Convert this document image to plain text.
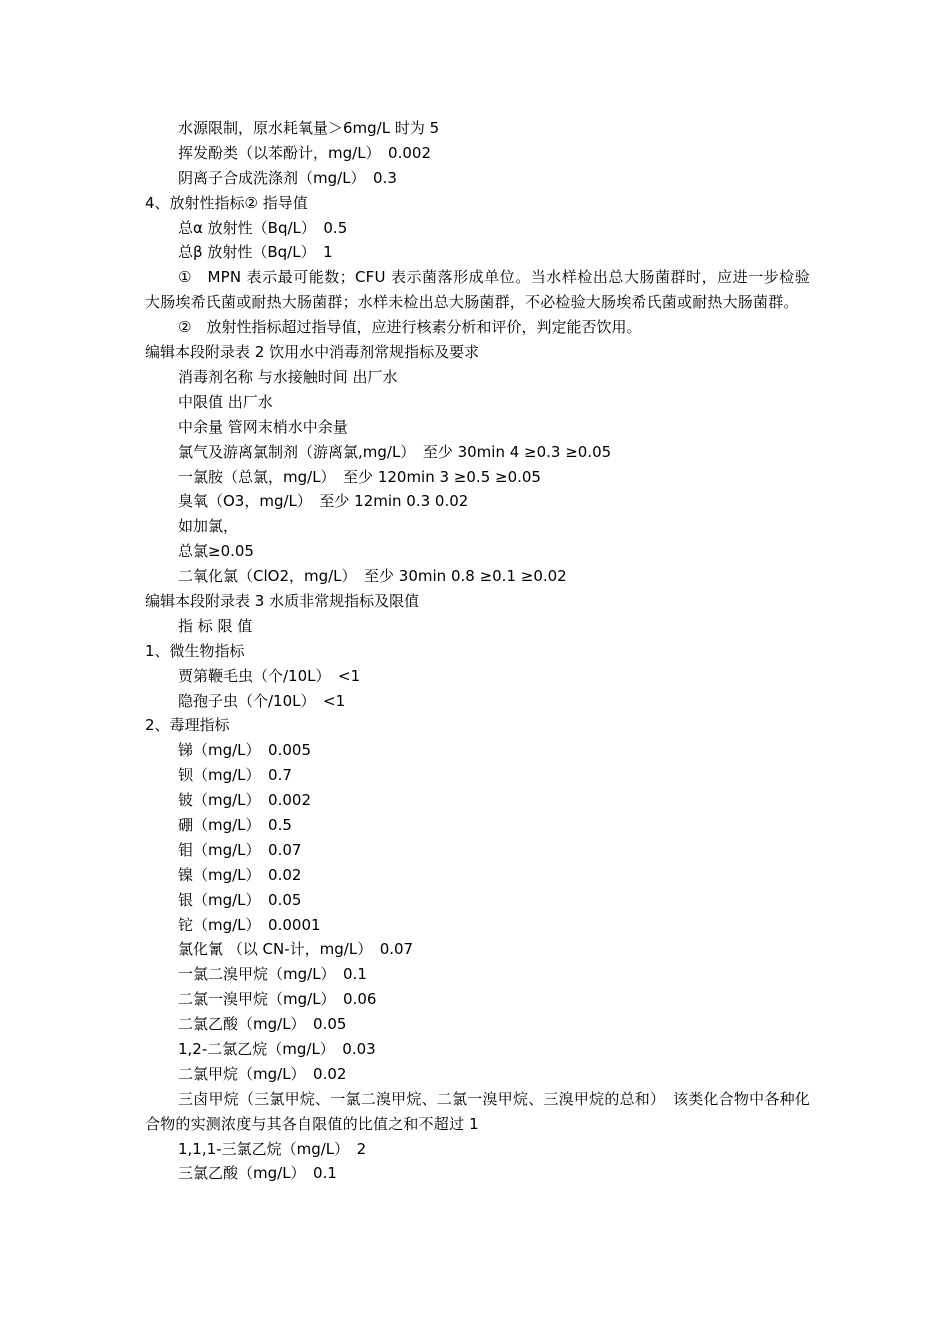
水源限制，原水耗氧量＞6mg/L 时为 5
挥发酚类（以苯酚计，mg/L）　0.002
阴离子合成洗涤剂（mg/L）　0.3
4、放射性指标② 指导值
总α 放射性（Bq/L）　0.5
总β 放射性（Bq/L）　1
①　MPN 表示最可能数；CFU 表示菌落形成单位。当水样检出总大肠菌群时，应进一步检验大肠埃希氏菌或耐热大肠菌群；水样未检出总大肠菌群，不必检验大肠埃希氏菌或耐热大肠菌群。
②　放射性指标超过指导值，应进行核素分析和评价，判定能否饮用。
编辑本段附录表 2 饮用水中消毒剂常规指标及要求
消毒剂名称 与水接触时间 出厂水
中限值 出厂水
中余量 管网末梢水中余量
氯气及游离氯制剂（游离氯,mg/L）　至少 30min 4 ≥0.3 ≥0.05
一氯胺（总氯，mg/L）　至少 120min 3 ≥0.5 ≥0.05
臭氧（O3，mg/L）　至少 12min 0.3 0.02
如加氯，
总氯≥0.05
二氧化氯（ClO2，mg/L）　至少 30min 0.8 ≥0.1 ≥0.02
编辑本段附录表 3 水质非常规指标及限值
指 标 限 值
1、微生物指标
贾第鞭毛虫（个/10L）　<1
隐孢子虫（个/10L）　<1
2、毒理指标
锑（mg/L）　0.005
钡（mg/L）　0.7
铍（mg/L）　0.002
硼（mg/L）　0.5
钼（mg/L）　0.07
镍（mg/L）　0.02
银（mg/L）　0.05
铊（mg/L）　0.0001
氯化氰 （以 CN-计，mg/L）　0.07
一氯二溴甲烷（mg/L）　0.1
二氯一溴甲烷（mg/L）　0.06
二氯乙酸（mg/L）　0.05
1,2-二氯乙烷（mg/L）　0.03
二氯甲烷（mg/L）　0.02
三卤甲烷（三氯甲烷、一氯二溴甲烷、二氯一溴甲烷、三溴甲烷的总和）　该类化合物中各种化合物的实测浓度与其各自限值的比值之和不超过 1
1,1,1-三氯乙烷（mg/L）　2
三氯乙酸（mg/L）　0.1
